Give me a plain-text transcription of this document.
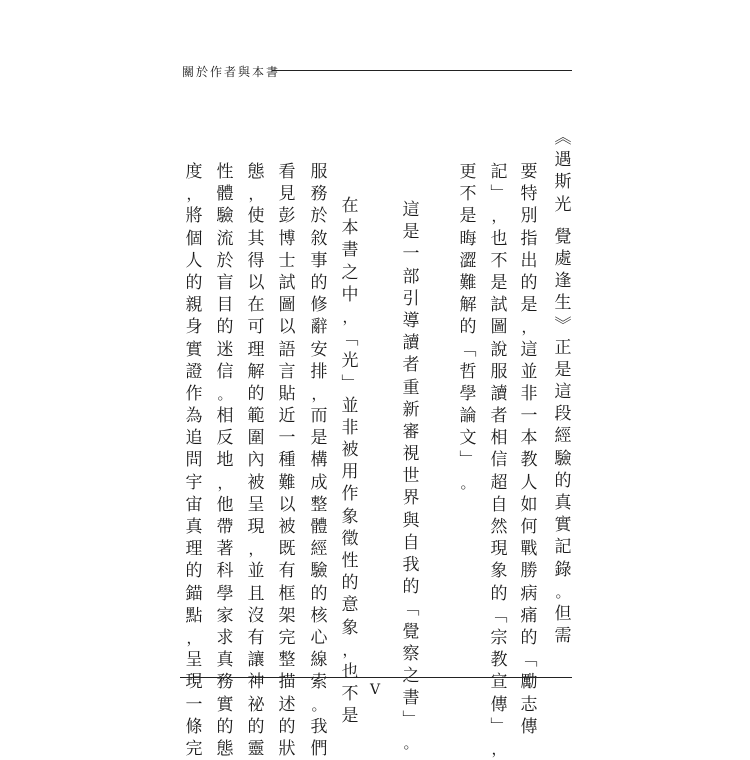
關於作者與本書
︽
遇
斯
光

覺
處
逢
生
︾
正
是
這
段
經
驗
的
真
實
記
錄
。
但
需
要
特
別
指
出
的
是
，
這
並
非
一
本
教
人
如
何
戰
勝
病
痛
的
﹁
勵
志
傳
記
﹂
，
也
不
是
試
圖
說
服
讀
者
相
信
超
自
然
現
象
的
﹁
宗
教
宣
傳
﹂
，
更
不
是
晦
澀
難
解
的
﹁
哲
學
論
文
﹂
。
這
是
一
部
引
導
讀
者
重
新
審
視
世
界
與
自
我
的
﹁
覺
察
之
書
﹂
。
在
本
書
之
中
，
﹁
光
﹂
並
非
被
用
作
象
徵
性
的
意
象
，
也
不
是
服
務
於
敘
事
的
修
辭
安
排
，
而
是
構
成
整
體
經
驗
的
核
心
線
索
。
我
們
看
見
彭
博
士
試
圖
以
語
言
貼
近
一
種
難
以
被
既
有
框
架
完
整
描
述
的
狀
態
，
使
其
得
以
在
可
理
解
的
範
圍
內
被
呈
現
，
並
且
沒
有
讓
神
祕
的
靈
性
體
驗
流
於
盲
目
的
迷
信
。
相
反
地
，
他
帶
著
科
學
家
求
真
務
實
的
態
度
，
將
個
人
的
親
身
實
證
作
為
追
問
宇
宙
真
理
的
錨
點
，
呈
現
一
條
完
V
